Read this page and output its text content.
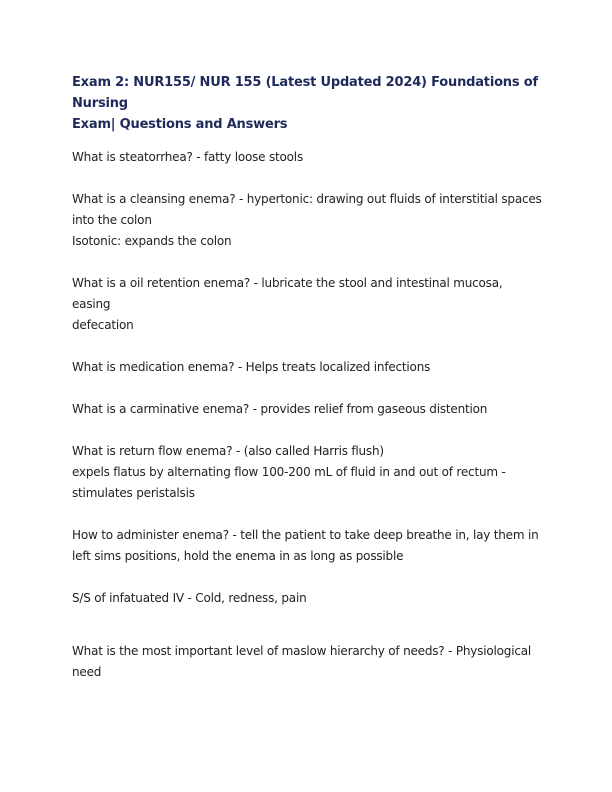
Exam 2: NUR155/ NUR 155 (Latest Updated 2024) Foundations of Nursing
Exam| Questions and Answers
What is steatorrhea? - fatty loose stools
What is a cleansing enema? - hypertonic: drawing out fluids of interstitial spaces
into the colon
Isotonic: expands the colon
What is a oil retention enema? - lubricate the stool and intestinal mucosa, easing
defecation
What is medication enema? - Helps treats localized infections
What is a carminative enema? - provides relief from gaseous distention
What is return flow enema? - (also called Harris flush)
expels flatus by alternating flow 100-200 mL of fluid in and out of rectum -
stimulates peristalsis
How to administer enema? - tell the patient to take deep breathe in, lay them in
left sims positions, hold the enema in as long as possible
S/S of infatuated IV - Cold, redness, pain
What is the most important level of maslow hierarchy of needs? - Physiological
need
